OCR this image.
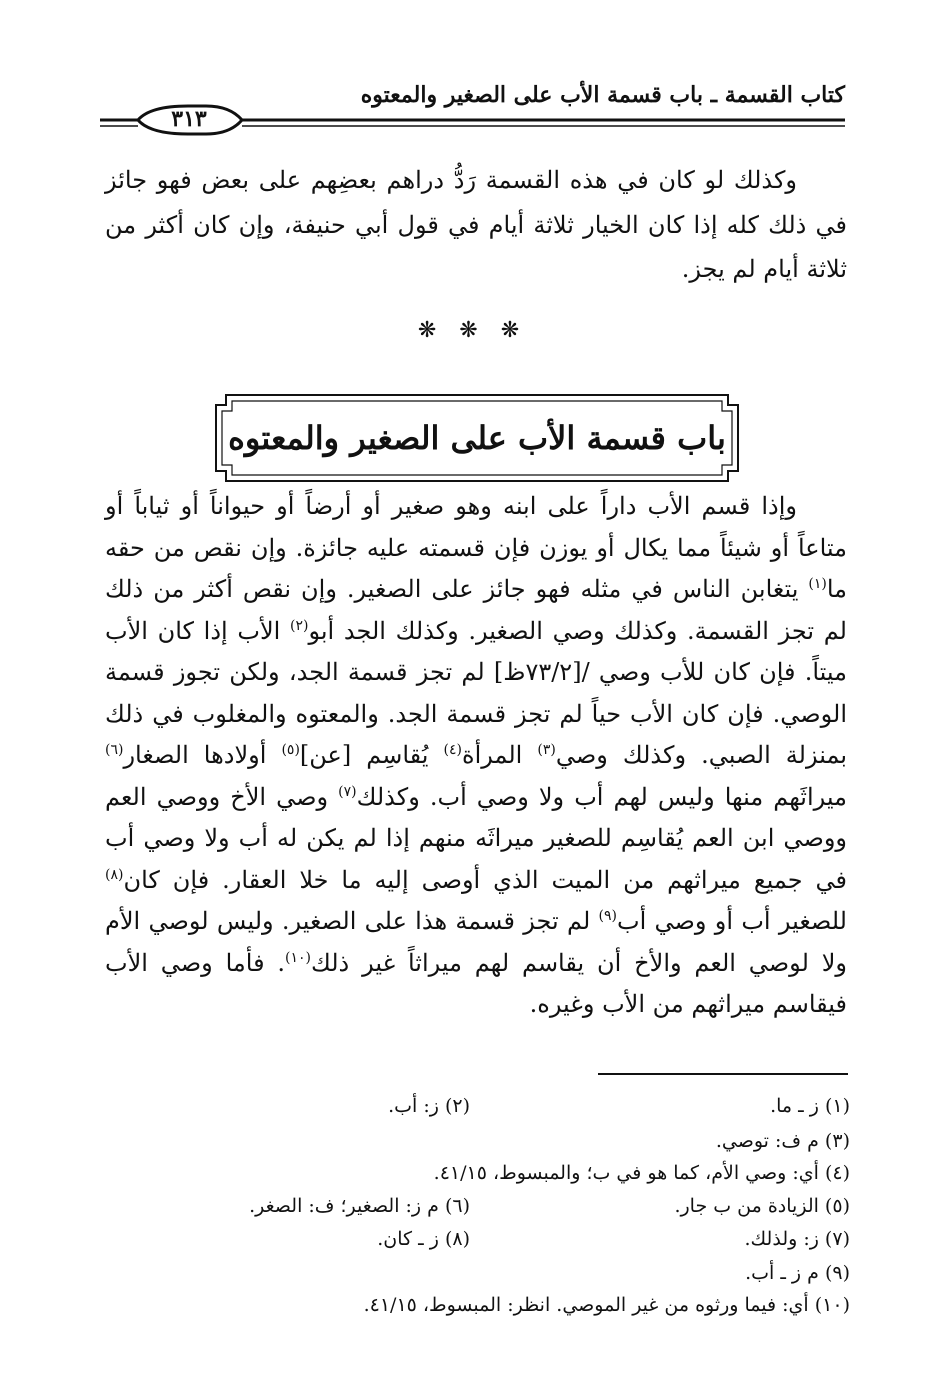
كتاب القسمة ـ باب قسمة الأب على الصغير والمعتوه
٣١٣

وكذلك لو كان في هذه القسمة رَدُّ دراهم بعضِهم على بعض فهو جائز في ذلك كله إذا كان الخيار ثلاثة أيام في قول أبي حنيفة، وإن كان أكثر من ثلاثة أيام لم يجز.

❋ ❋ ❋
باب قسمة الأب على الصغير والمعتوه

وإذا قسم الأب داراً على ابنه وهو صغير أو أرضاً أو حيواناً أو ثياباً أو متاعاً أو شيئاً مما يكال أو يوزن فإن قسمته عليه جائزة. وإن نقص من حقه ما$^{(١)}$ يتغابن الناس في مثله فهو جائز على الصغير. وإن نقص أكثر من ذلك لم تجز القسمة. وكذلك وصي الصغير. وكذلك الجد أبو$^{(٢)}$ الأب إذا كان الأب ميتاً. فإن كان للأب وصي /[٧٣/٢ظ] لم تجز قسمة الجد، ولكن تجوز قسمة الوصي. فإن كان الأب حياً لم تجز قسمة الجد. والمعتوه والمغلوب في ذلك بمنزلة الصبي. وكذلك وصي$^{(٣)}$ المرأة$^{(٤)}$ يُقاسِم [عن]$^{(٥)}$ أولادها الصغار$^{(٦)}$ ميراثَهم منها وليس لهم أب ولا وصي أب. وكذلك$^{(٧)}$ وصي الأخ ووصي العم ووصي ابن العم يُقاسِم للصغير ميراثَه منهم إذا لم يكن له أب ولا وصي أب في جميع ميراثهم من الميت الذي أوصى إليه ما خلا العقار. فإن كان$^{(٨)}$ للصغير أب أو وصي أب$^{(٩)}$ لم تجز قسمة هذا على الصغير. وليس لوصي الأم ولا لوصي العم والأخ أن يقاسم لهم ميراثاً غير ذلك$^{(١٠)}$. فأما وصي الأب فيقاسم ميراثهم من الأب وغيره.

(١) ز ـ ما.
(٢) ز: أب.
(٣) م ف: توصي.
(٤) أي: وصي الأم، كما هو في ب؛ والمبسوط، ٤١/١٥.
(٥) الزيادة من ب جار.
(٦) م ز: الصغير؛ ف: الصغر.
(٧) ز: ولذلك.
(٨) ز ـ كان.
(٩) م ز ـ أب.
(١٠) أي: فيما ورثوه من غير الموصي. انظر: المبسوط، ٤١/١٥.
